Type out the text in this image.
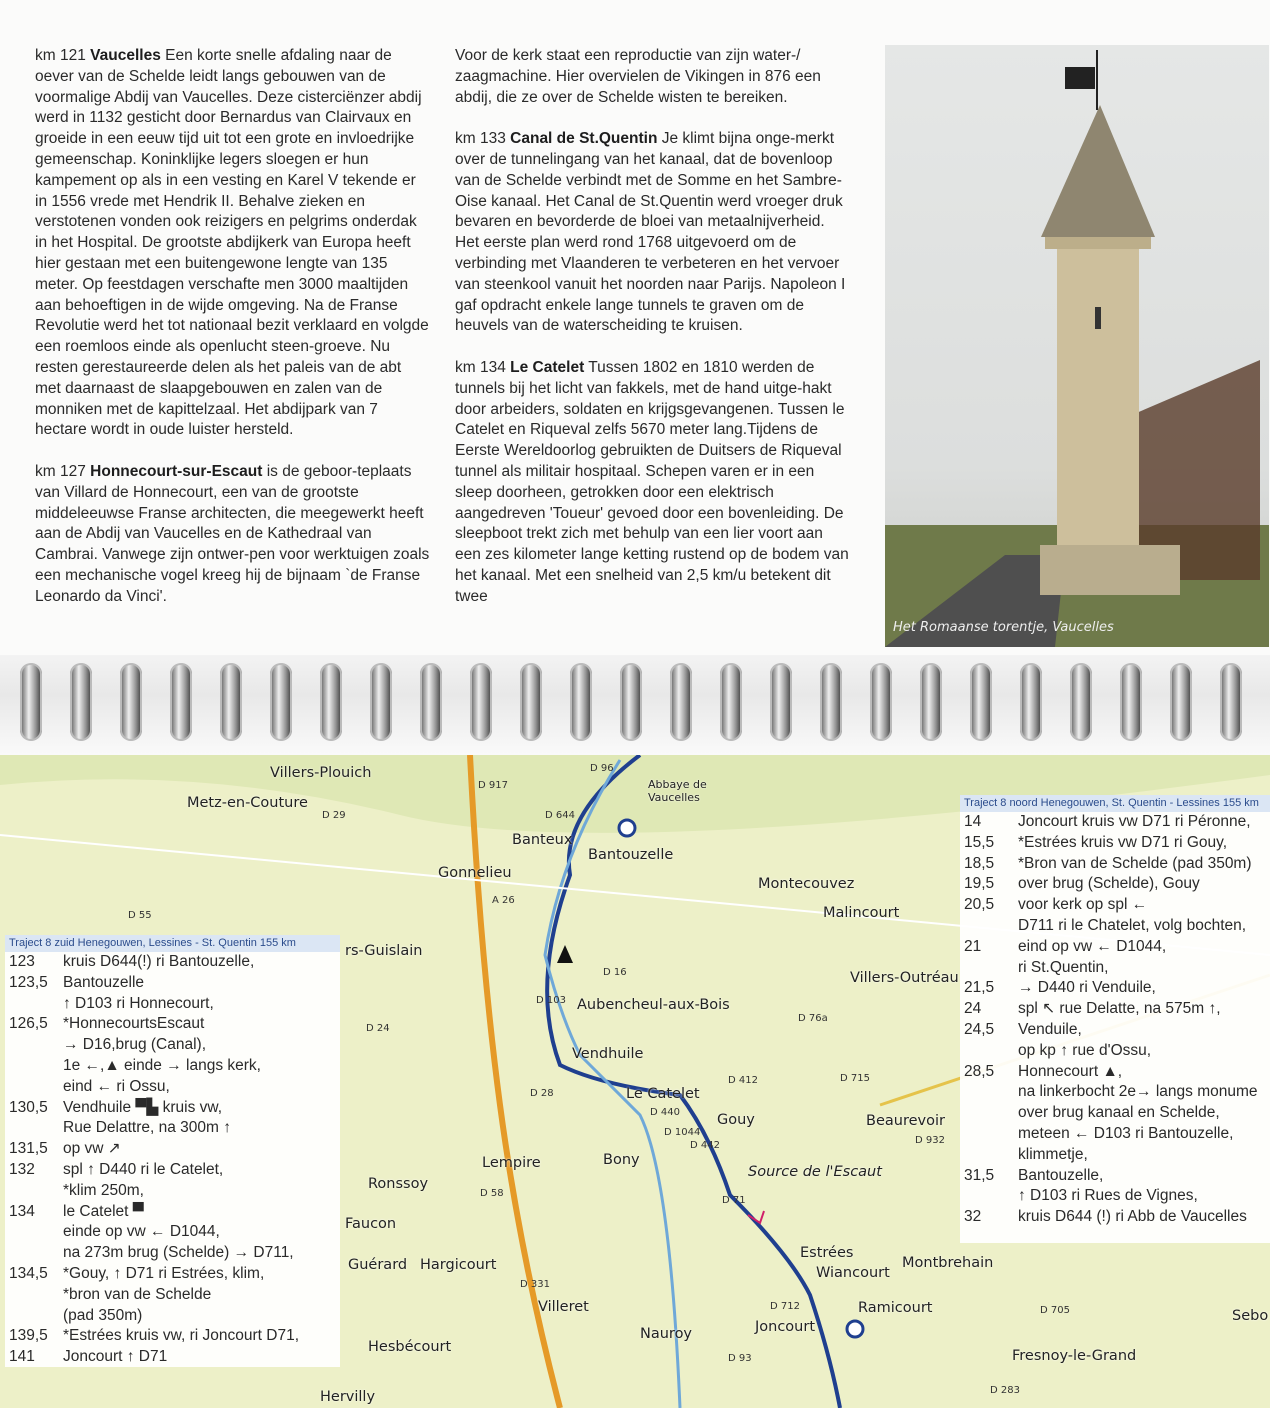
km 121 Vaucelles Een korte snelle afdaling naar de oever van de Schelde leidt langs gebouwen van de voormalige Abdij van Vaucelles. Deze cisterciënzer abdij werd in 1132 gesticht door Bernardus van Clairvaux en groeide in een eeuw tijd uit tot een grote en invloedrijke gemeenschap. Koninklijke legers sloegen er hun kampement op als in een vesting en Karel V tekende er in 1556 vrede met Hendrik II. Behalve zieken en verstotenen vonden ook reizigers en pelgrims onderdak in het Hospital. De grootste abdijkerk van Europa heeft hier gestaan met een buitengewone lengte van 135 meter. Op feestdagen verschafte men 3000 maaltijden aan behoeftigen in de wijde omgeving. Na de Franse Revolutie werd het tot nationaal bezit verklaard en volgde een roemloos einde als openlucht steen-groeve. Nu resten gerestaureerde delen als het paleis van de abt met daarnaast de slaapgebouwen en zalen van de monniken met de kapittelzaal. Het abdijpark van 7 hectare wordt in oude luister hersteld.

km 127 Honnecourt-sur-Escaut is de geboor-teplaats van Villard de Honnecourt, een van de grootste middeleeuwse Franse architecten, die meegewerkt heeft aan de Abdij van Vaucelles en de Kathedraal van Cambrai. Vanwege zijn ontwer-pen voor werktuigen zoals een mechanische vogel kreeg hij de bijnaam `de Franse Leonardo da Vinci'.

Voor de kerk staat een reproductie van zijn water-/ zaagmachine. Hier overvielen de Vikingen in 876 een abdij, die ze over de Schelde wisten te bereiken.

km 133 Canal de St.Quentin Je klimt bijna onge-merkt over de tunnelingang van het kanaal, dat de bovenloop van de Schelde verbindt met de Somme en het Sambre-Oise kanaal. Het Canal de St.Quentin werd vroeger druk bevaren en bevorderde de bloei van metaalnijverheid. Het eerste plan werd rond 1768 uitgevoerd om de verbinding met Vlaanderen te verbeteren en het vervoer van steenkool vanuit het noorden naar Parijs. Napoleon I gaf opdracht enkele lange tunnels te graven om de heuvels van de waterscheiding te kruisen.

km 134 Le Catelet Tussen 1802 en 1810 werden de tunnels bij het licht van fakkels, met de hand uitge-hakt door arbeiders, soldaten en krijgsgevangenen. Tussen le Catelet en Riqueval zelfs 5670 meter lang.Tijdens de Eerste Wereldoorlog gebruikten de Duitsers de Riqueval tunnel als militair hospitaal. Schepen varen er in een sleep doorheen, getrokken door een elektrisch aangedreven 'Toueur' gevoed door een bovenleiding. De sleepboot trekt zich met behulp van een lier voort aan een zes kilometer lange ketting rustend op de bodem van het kanaal. Met een snelheid van 2,5 km/u betekent dit twee

Het Romaanse torentje, Vaucelles
Villers-Plouich
Metz-en-Couture
Abbaye de Vaucelles
Banteux
Bantouzelle
Gonnelieu
Montecouvez
Malincourt
rs-Guislain
Villers-Outréau
Aubencheul-aux-Bois
Vendhuile
Le Catelet
Gouy	Beaurevoir
Lempire	Bony
Source de l'Escaut
Ronssoy
Faucon
Guérard Hargicourt
Villeret
Nauroy
Estrées
Wiancourt
Montbrehain
Ramicourt
Joncourt
Fresnoy-le-Grand
Hesbécourt
Hervilly
Sebo
D 917
D 644
D 96
D 103
D 16
A 26
D 29
D 55
D 24
D 28
D 58
D 440
D 1044
D 412
D 76a
D 715
D 442	D 932
D 331
D 71
D 712	D 705
D 283
D 93
Traject 8 zuid Henegouwen, Lessines - St. Quentin 155 km
123	kruis D644(!) ri Bantouzelle,
123,5 Bantouzelle
↑ D103 ri Honnecourt,
126,5 *HonnecourtsEscaut
→ D16,brug (Canal),
1e ←,▲ einde → langs kerk,
eind ← ri Ossu,
130,5 Vendhuile ▀▙ kruis vw,
Rue Delattre, na 300m ↑
131,5 op vw ↗
132	spl ↑ D440 ri le Catelet,
*klim 250m,
134	le Catelet ▀
einde op vw ← D1044,
na 273m brug (Schelde) → D711,
134,5 *Gouy, ↑ D71 ri Estrées, klim,
*bron van de Schelde
(pad 350m)
139,5 *Estrées kruis vw, ri Joncourt D71,
141	Joncourt ↑ D71
Traject 8 noord Henegouwen, St. Quentin - Lessines 155 km
14	Joncourt kruis vw D71 ri Péronne,
15,5	*Estrées kruis vw D71 ri Gouy,
18,5	*Bron van de Schelde (pad 350m)
19,5	over brug (Schelde), Gouy
20,5	voor kerk op spl ←
D711 ri le Chatelet, volg bochten,
21	eind op vw ← D1044,
ri St.Quentin,
21,5	→ D440 ri Venduile,
24	spl ↖ rue Delatte, na 575m ↑,
24,5	Venduile,
op kp ↑ rue d'Ossu,
28,5	Honnecourt ▲,
na linkerbocht 2e→ langs monume
over brug kanaal en Schelde,
meteen ← D103 ri Bantouzelle,
klimmetje,
31,5	Bantouzelle,
↑ D103 ri Rues de Vignes,
32	kruis D644 (!) ri Abb de Vaucelles
